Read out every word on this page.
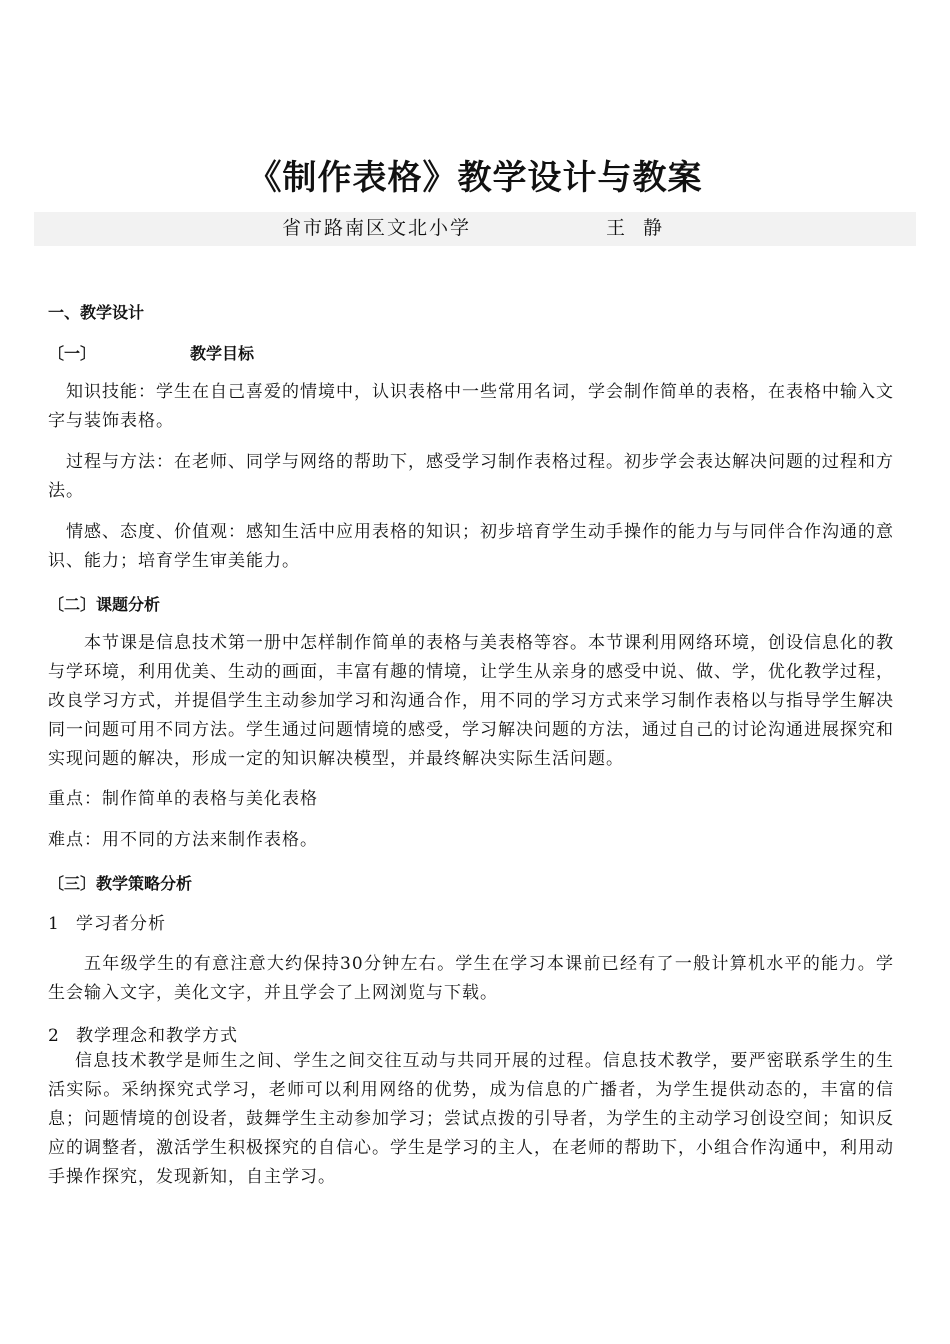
《制作表格》教学设计与教案
省市路南区文北小学	王静
一、教学设计
〔一〕	教学目标
知识技能：学生在自己喜爱的情境中，认识表格中一些常用名词，学会制作简单的表格，在表格中输入文字与装饰表格。
过程与方法：在老师、同学与网络的帮助下，感受学习制作表格过程。初步学会表达解决问题的过程和方法。
情感、态度、价值观：感知生活中应用表格的知识；初步培育学生动手操作的能力与与同伴合作沟通的意识、能力；培育学生审美能力。
〔二〕课题分析
本节课是信息技术第一册中怎样制作简单的表格与美表格等容。本节课利用网络环境，创设信息化的教与学环境，利用优美、生动的画面，丰富有趣的情境，让学生从亲身的感受中说、做、学，优化教学过程，改良学习方式，并提倡学生主动参加学习和沟通合作，用不同的学习方式来学习制作表格以与指导学生解决同一问题可用不同方法。学生通过问题情境的感受，学习解决问题的方法，通过自己的讨论沟通进展探究和实现问题的解决，形成一定的知识解决模型，并最终解决实际生活问题。
重点：制作简单的表格与美化表格
难点：用不同的方法来制作表格。
〔三〕教学策略分析
1 学习者分析
五年级学生的有意注意大约保持30分钟左右。学生在学习本课前已经有了一般计算机水平的能力。学生会输入文字，美化文字，并且学会了上网浏览与下载。
2 教学理念和教学方式
信息技术教学是师生之间、学生之间交往互动与共同开展的过程。信息技术教学，要严密联系学生的生活实际。采纳探究式学习，老师可以利用网络的优势，成为信息的广播者，为学生提供动态的，丰富的信息；问题情境的创设者，鼓舞学生主动参加学习；尝试点拨的引导者，为学生的主动学习创设空间；知识反应的调整者，激活学生积极探究的自信心。学生是学习的主人，在老师的帮助下，小组合作沟通中，利用动手操作探究，发现新知，自主学习。
